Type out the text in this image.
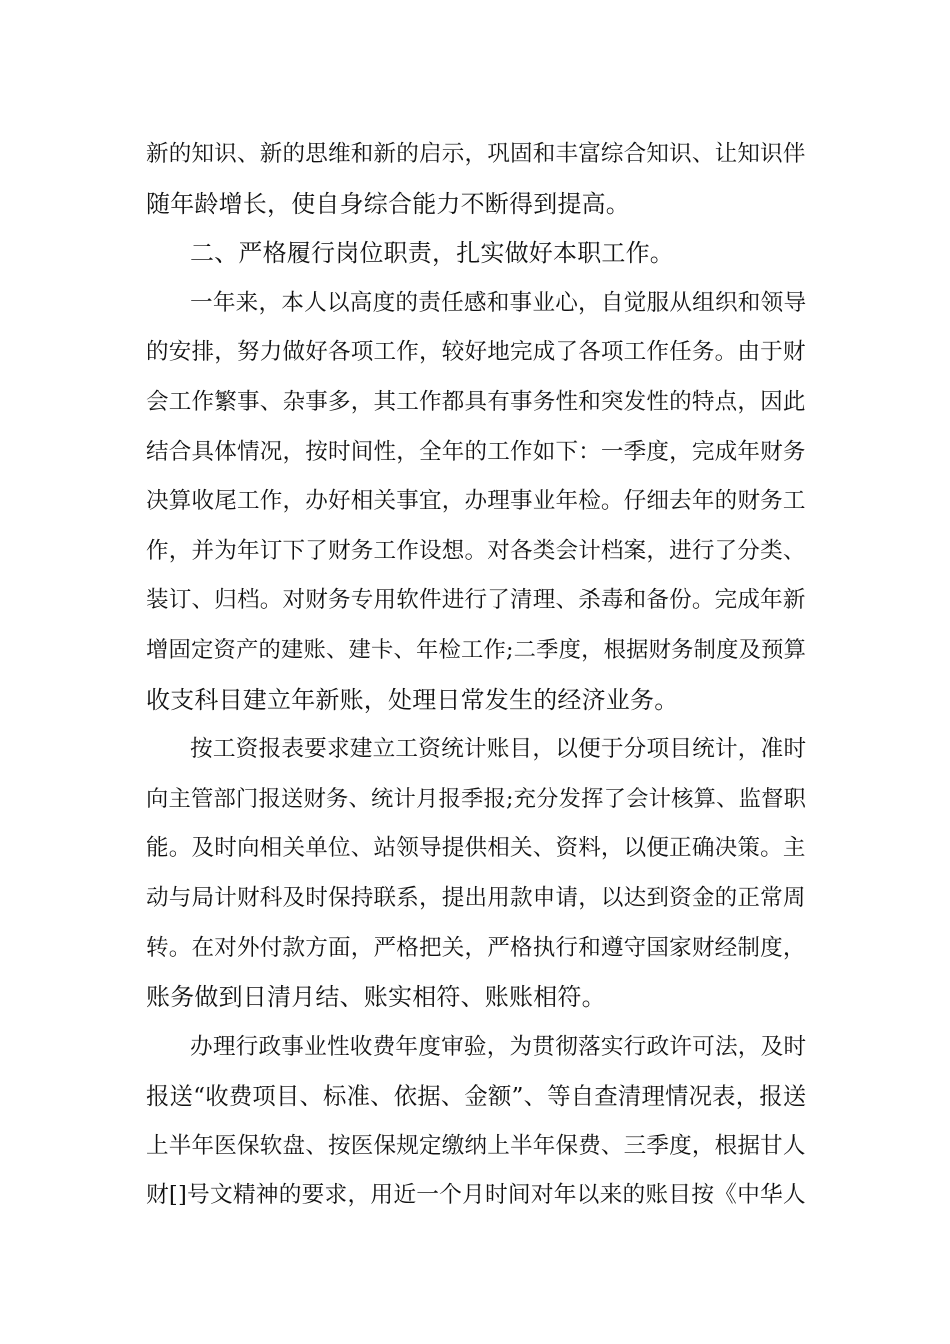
新的知识、新的思维和新的启示，巩固和丰富综合知识、让知识伴
随年龄增长，使自身综合能力不断得到提高。
二、严格履行岗位职责，扎实做好本职工作。
一年来，本人以高度的责任感和事业心，自觉服从组织和领导
的安排，努力做好各项工作，较好地完成了各项工作任务。由于财
会工作繁事、杂事多，其工作都具有事务性和突发性的特点，因此
结合具体情况，按时间性，全年的工作如下：一季度，完成年财务
决算收尾工作，办好相关事宜，办理事业年检。仔细去年的财务工
作，并为年订下了财务工作设想。对各类会计档案，进行了分类、
装订、归档。对财务专用软件进行了清理、杀毒和备份。完成年新
增固定资产的建账、建卡、年检工作;二季度，根据财务制度及预算
收支科目建立年新账，处理日常发生的经济业务。
按工资报表要求建立工资统计账目，以便于分项目统计，准时
向主管部门报送财务、统计月报季报;充分发挥了会计核算、监督职
能。及时向相关单位、站领导提供相关、资料，以便正确决策。主
动与局计财科及时保持联系，提出用款申请，以达到资金的正常周
转。在对外付款方面，严格把关，严格执行和遵守国家财经制度，
账务做到日清月结、账实相符、账账相符。
办理行政事业性收费年度审验，为贯彻落实行政许可法，及时
报送“收费项目、标准、依据、金额”、等自查清理情况表，报送
上半年医保软盘、按医保规定缴纳上半年保费、三季度，根据甘人
财[]号文精神的要求，用近一个月时间对年以来的账目按《中华人
